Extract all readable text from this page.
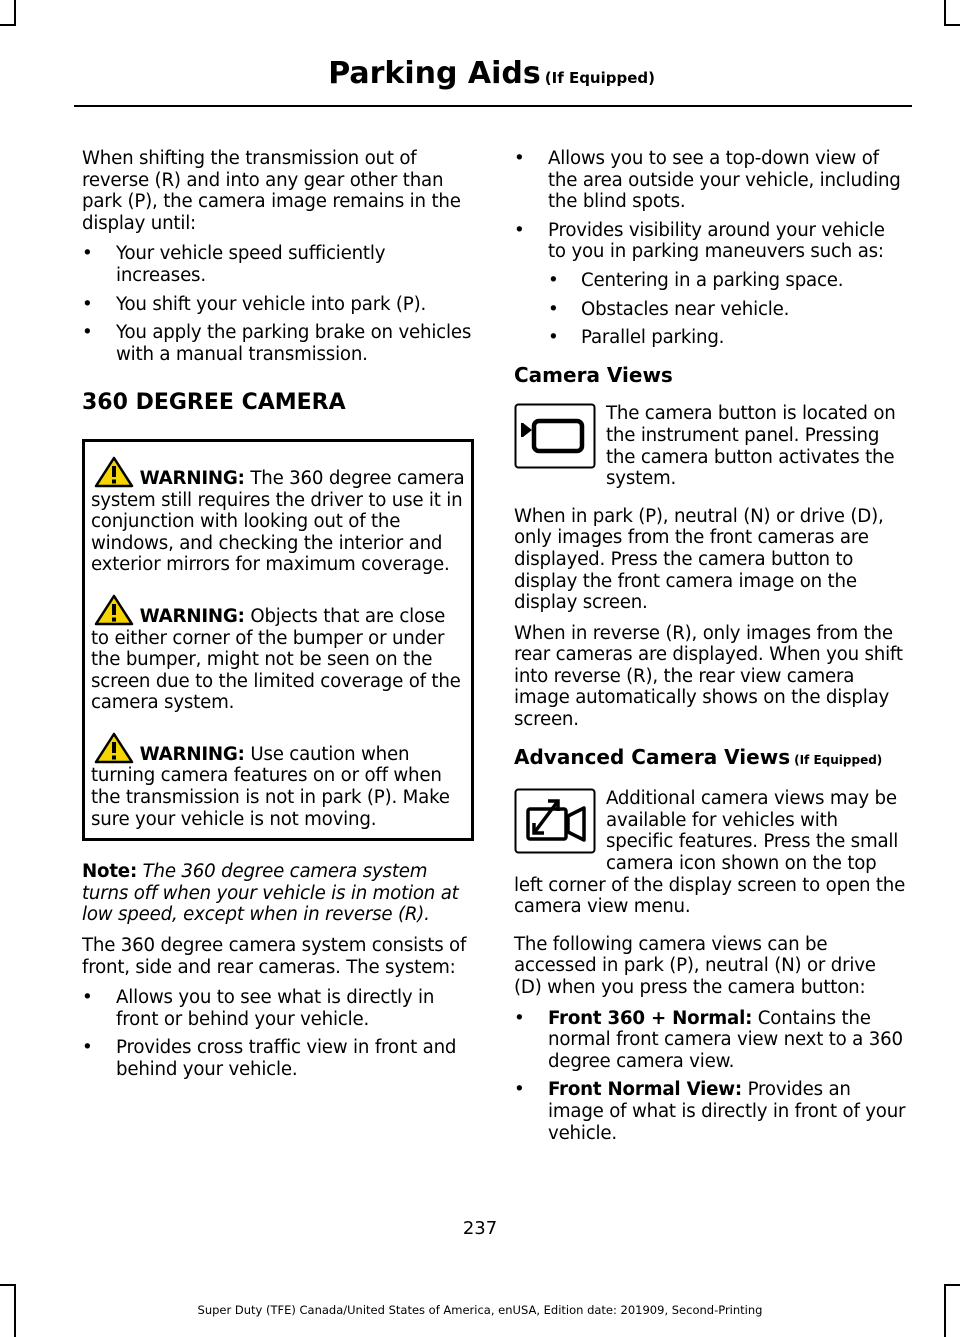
Parking Aids (If Equipped)

When shifting the transmission out of reverse (R) and into any gear other than park (P), the camera image remains in the display until:

• Your vehicle speed sufficiently increases.
• You shift your vehicle into park (P).
• You apply the parking brake on vehicles with a manual transmission.
360 DEGREE CAMERA
WARNING: The 360 degree camera system still requires the driver to use it in conjunction with looking out of the windows, and checking the interior and exterior mirrors for maximum coverage.
WARNING: Objects that are close to either corner of the bumper or under the bumper, might not be seen on the screen due to the limited coverage of the camera system.
WARNING: Use caution when turning camera features on or off when the transmission is not in park (P). Make sure your vehicle is not moving.

Note: The 360 degree camera system turns off when your vehicle is in motion at low speed, except when in reverse (R).

The 360 degree camera system consists of front, side and rear cameras. The system:

• Allows you to see what is directly in front or behind your vehicle.
• Provides cross traffic view in front and behind your vehicle.
• Allows you to see a top-down view of the area outside your vehicle, including the blind spots.
• Provides visibility around your vehicle to you in parking maneuvers such as:
• Centering in a parking space.
• Obstacles near vehicle.
• Parallel parking.
Camera Views

The camera button is located on the instrument panel. Pressing the camera button activates the system.

When in park (P), neutral (N) or drive (D), only images from the front cameras are displayed. Press the camera button to display the front camera image on the display screen.

When in reverse (R), only images from the rear cameras are displayed. When you shift into reverse (R), the rear view camera image automatically shows on the display screen.

Advanced Camera Views (If Equipped)

Additional camera views may be available for vehicles with specific features. Press the small camera icon shown on the top left corner of the display screen to open the camera view menu.

The following camera views can be accessed in park (P), neutral (N) or drive (D) when you press the camera button:

• Front 360 + Normal: Contains the normal front camera view next to a 360 degree camera view.
• Front Normal View: Provides an image of what is directly in front of your vehicle.
237
Super Duty (TFE) Canada/United States of America, enUSA, Edition date: 201909, Second-Printing
